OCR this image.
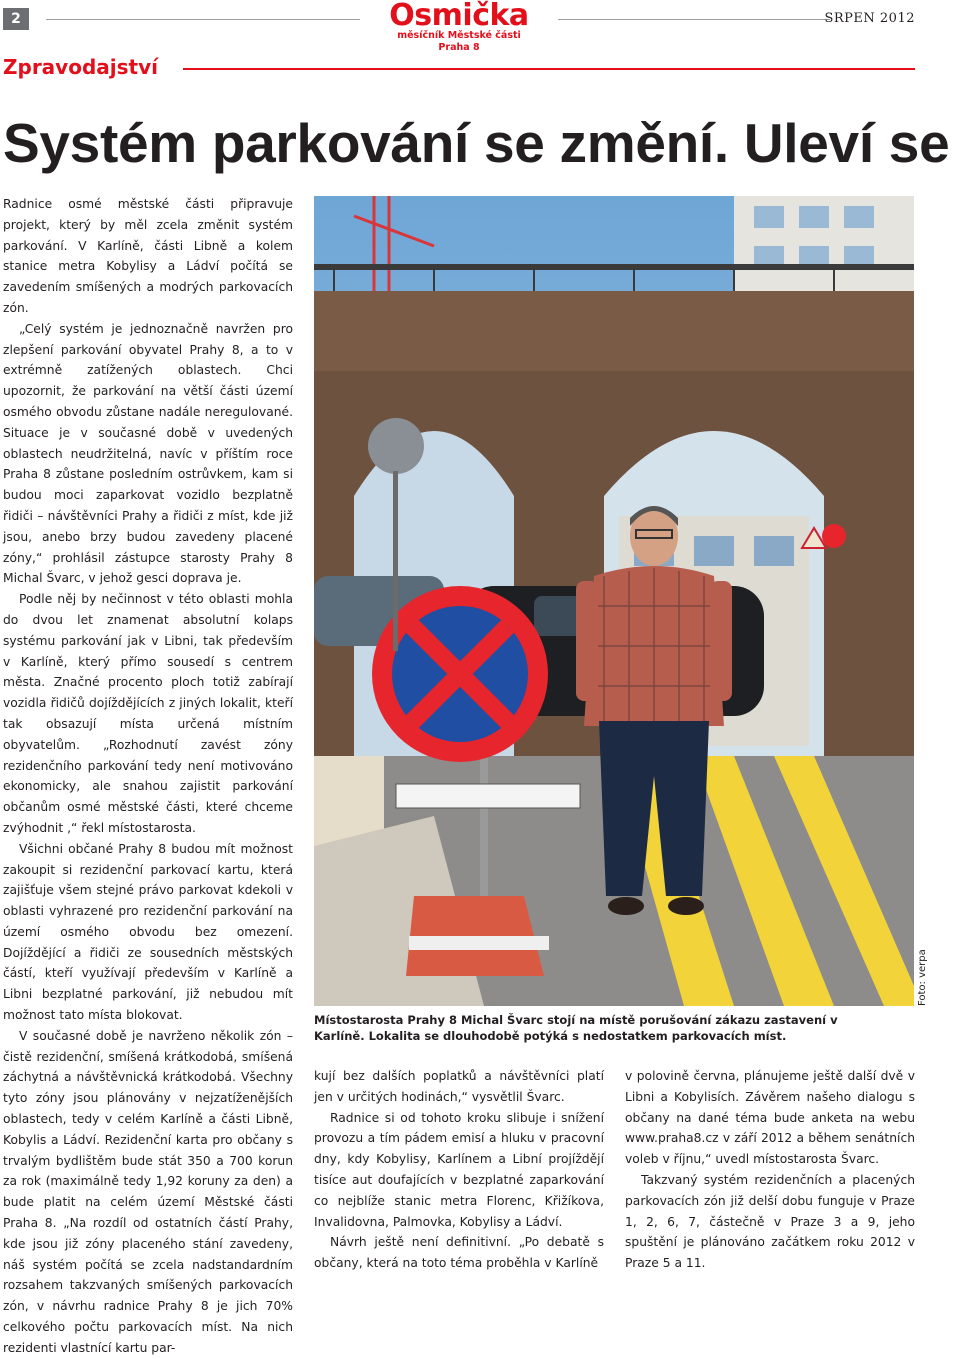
2	Osmička
měsíčník Městské části Praha 8
SRPEN 2012
Zpravodajství
Systém parkování se změní. Uleví se

Radnice osmé městské části připravuje projekt, který by měl zcela změnit systém parkování. V Karlíně, části Libně a kolem stanice metra Kobylisy a Ládví počítá se zavedením smíšených a modrých parkovacích zón.

„Celý systém je jednoznačně navržen pro zlepšení parkování obyvatel Prahy 8, a to v extrémně zatížených oblastech. Chci upozornit, že parkování na větší části území osmého obvodu zůstane nadále neregulované. Situace je v současné době v uvedených oblastech neudržitelná, navíc v příštím roce Praha 8 zůstane posledním ostrůvkem, kam si budou moci zaparkovat vozidlo bezplatně řidiči – návštěvníci Prahy a řidiči z míst, kde již jsou, anebo brzy budou zavedeny placené zóny,“ prohlásil zástupce starosty Prahy 8 Michal Švarc, v jehož gesci doprava je.

Podle něj by nečinnost v této oblasti mohla do dvou let znamenat absolutní kolaps systému parkování jak v Libni, tak především v Karlíně, který přímo sousedí s centrem města. Značné procento ploch totiž zabírají vozidla řidičů dojíždějících z jiných lokalit, kteří tak obsazují místa určená místním obyvatelům. „Rozhodnutí zavést zóny rezidenčního parkování tedy není motivováno ekonomicky, ale snahou zajistit parkování občanům osmé městské části, které chceme zvýhodnit ,“ řekl místostarosta.

Všichni občané Prahy 8 budou mít možnost zakoupit si rezidenční parkovací kartu, která zajišťuje všem stejné právo parkovat kdekoli v oblasti vyhrazené pro rezidenční parkování na území osmého obvodu bez omezení. Dojíždějící a řidiči ze sousedních městských částí, kteří využívají především v Karlíně a Libni bezplatné parkování, již nebudou mít možnost tato místa blokovat.

V současné době je navrženo několik zón – čistě rezidenční, smíšená krátkodobá, smíšená záchytná a návštěvnická krátkodobá. Všechny tyto zóny jsou plánovány v nejzatíženějších oblastech, tedy v celém Karlíně a části Libně, Kobylis a Ládví. Rezidenční karta pro občany s trvalým bydlištěm bude stát 350 a 700 korun za rok (maximálně tedy 1,92 koruny za den) a bude platit na celém území Městské části Praha 8. „Na rozdíl od ostatních částí Prahy, kde jsou již zóny placeného stání zavedeny, náš systém počítá se zcela nadstandardním rozsahem takzvaných smíšených parkovacích zón, v návrhu radnice Prahy 8 je jich 70% celkového počtu parkovacích míst. Na nich rezidenti vlastnící kartu par-

Místostarosta Prahy 8 Michal Švarc stojí na místě porušování zákazu zastavení v Karlíně. Lokalita se dlouhodobě potýká s nedostatkem parkovacích míst.
Foto: verpa

kují bez dalších poplatků a návštěvníci platí jen v určitých hodinách,“ vysvětlil Švarc.

Radnice si od tohoto kroku slibuje i snížení provozu a tím pádem emisí a hluku v pracovní dny, kdy Kobylisy, Karlínem a Libní projíždějí tisíce aut doufajících v bezplatné zaparkování co nejblíže stanic metra Florenc, Křižíkova, Invalidovna, Palmovka, Kobylisy a Ládví.

Návrh ještě není definitivní. „Po debatě s občany, která na toto téma proběhla v Karlíně

v polovině června, plánujeme ještě další dvě v Libni a Kobylisích. Závěrem našeho dialogu s občany na dané téma bude anketa na webu www.praha8.cz v září 2012 a během senátních voleb v říjnu,“ uvedl místostarosta Švarc.

Takzvaný systém rezidenčních a placených parkovacích zón již delší dobu funguje v Praze 1, 2, 6, 7, částečně v Praze 3 a 9, jeho spuštění je plánováno začátkem roku 2012 v Praze 5 a 11.
